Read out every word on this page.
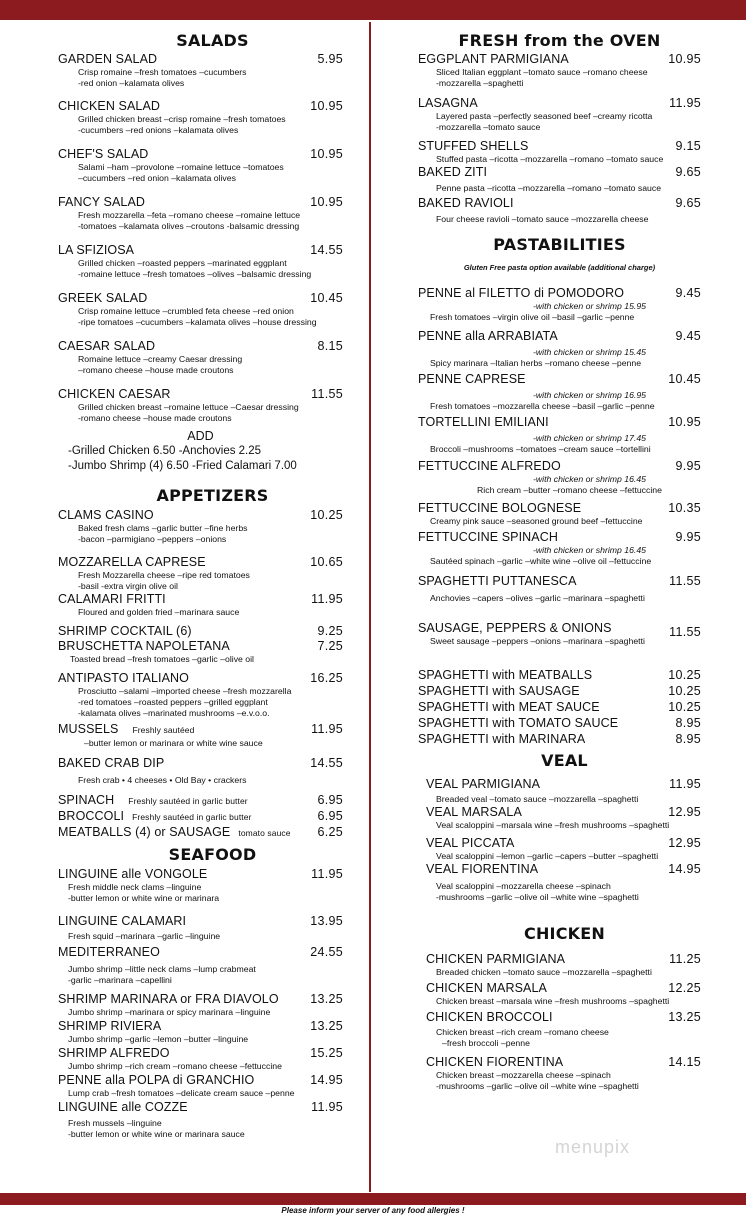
SALADS
GARDEN SALAD	5.95
Crisp romaine –fresh tomatoes –cucumbers
-red onion –kalamata olives
CHICKEN SALAD	10.95
Grilled chicken breast –crisp romaine –fresh tomatoes
-cucumbers –red onions –kalamata olives
CHEF'S SALAD	10.95
Salami –ham –provolone –romaine lettuce –tomatoes
–cucumbers –red onion –kalamata olives
FANCY SALAD	10.95
Fresh mozzarella –feta –romano cheese –romaine lettuce
-tomatoes –kalamata olives –croutons -balsamic dressing
LA SFIZIOSA	14.55
Grilled chicken –roasted peppers –marinated eggplant
-romaine lettuce –fresh tomatoes –olives –balsamic dressing
GREEK SALAD	10.45
Crisp romaine lettuce –crumbled feta cheese –red onion
-ripe tomatoes –cucumbers –kalamata olives –house dressing
CAESAR SALAD	8.15
Romaine lettuce –creamy Caesar dressing
–romano cheese –house made croutons
CHICKEN CAESAR	11.55
Grilled chicken breast –romaine lettuce –Caesar dressing
-romano cheese –house made croutons
ADD
-Grilled Chicken 6.50 -Anchovies 2.25
-Jumbo Shrimp (4) 6.50 -Fried Calamari 7.00
APPETIZERS
CLAMS CASINO	10.25
Baked fresh clams –garlic butter –fine herbs
-bacon –parmigiano –peppers –onions
MOZZARELLA CAPRESE	10.65
Fresh Mozzarella cheese –ripe red tomatoes
-basil -extra virgin olive oil
CALAMARI FRITTI	11.95
Floured and golden fried –marinara sauce
SHRIMP COCKTAIL (6)	9.25
BRUSCHETTA NAPOLETANA	7.25
Toasted bread –fresh tomatoes –garlic –olive oil
ANTIPASTO ITALIANO	16.25
Prosciutto –salami –imported cheese –fresh mozzarella
-red tomatoes –roasted peppers –grilled eggplant
-kalamata olives –marinated mushrooms –e.v.o.o.
MUSSELS Freshly sautéed	11.95
–butter lemon or marinara or white wine sauce
BAKED CRAB DIP	14.55
Fresh crab • 4 cheeses • Old Bay • crackers
SPINACH Freshly sautéed in garlic butter	6.95
BROCCOLI Freshly sautéed in garlic butter	6.95
MEATBALLS (4) or SAUSAGE tomato sauce 6.25
SEAFOOD
LINGUINE alle VONGOLE	11.95
Fresh middle neck clams –linguine
-butter lemon or white wine or marinara
LINGUINE CALAMARI	13.95
Fresh squid –marinara –garlic –linguine
MEDITERRANEO	24.55
Jumbo shrimp –little neck clams –lump crabmeat
-garlic –marinara –capellini
SHRIMP MARINARA or FRA DIAVOLO	13.25
Jumbo shrimp –marinara or spicy marinara –linguine
SHRIMP RIVIERA	13.25
Jumbo shrimp –garlic –lemon –butter –linguine
SHRIMP ALFREDO	15.25
Jumbo shrimp –rich cream –romano cheese –fettuccine
PENNE alla POLPA di GRANCHIO	14.95
Lump crab –fresh tomatoes –delicate cream sauce –penne
LINGUINE alle COZZE	11.95
Fresh mussels –linguine
-butter lemon or white wine or marinara sauce
FRESH from the OVEN
EGGPLANT PARMIGIANA	10.95
Sliced Italian eggplant –tomato sauce –romano cheese
-mozzarella –spaghetti
LASAGNA	11.95
Layered pasta –perfectly seasoned beef –creamy ricotta
-mozzarella –tomato sauce
STUFFED SHELLS	9.15
Stuffed pasta –ricotta –mozzarella –romano –tomato sauce
BAKED ZITI	9.65
Penne pasta –ricotta –mozzarella –romano –tomato sauce
BAKED RAVIOLI	9.65
Four cheese ravioli –tomato sauce –mozzarella cheese
PASTABILITIES
Gluten Free pasta option available (additional charge)
PENNE al FILETTO di POMODORO	9.45
-with chicken or shrimp 15.95
Fresh tomatoes –virgin olive oil –basil –garlic –penne
PENNE alla ARRABIATA	9.45
-with chicken or shrimp 15.45
Spicy marinara –Italian herbs –romano cheese –penne
PENNE CAPRESE	10.45
-with chicken or shrimp 16.95
Fresh tomatoes –mozzarella cheese –basil –garlic –penne
TORTELLINI EMILIANI	10.95
-with chicken or shrimp 17.45
Broccoli –mushrooms –tomatoes –cream sauce –tortellini
FETTUCCINE ALFREDO	9.95
-with chicken or shrimp 16.45
Rich cream –butter –romano cheese –fettuccine
FETTUCCINE BOLOGNESE	10.35
Creamy pink sauce –seasoned ground beef –fettuccine
FETTUCCINE SPINACH	9.95
-with chicken or shrimp 16.45
Sautéed spinach –garlic –white wine –olive oil –fettuccine
SPAGHETTI PUTTANESCA	11.55
Anchovies –capers –olives –garlic –marinara –spaghetti
SAUSAGE, PEPPERS & ONIONS	11.55
Sweet sausage –peppers –onions –marinara –spaghetti
SPAGHETTI with MEATBALLS	10.25
SPAGHETTI with SAUSAGE	10.25
SPAGHETTI with MEAT SAUCE	10.25
SPAGHETTI with TOMATO SAUCE	8.95
SPAGHETTI with MARINARA	8.95
VEAL
VEAL PARMIGIANA	11.95
Breaded veal –tomato sauce –mozzarella –spaghetti
VEAL MARSALA	12.95
Veal scaloppini –marsala wine –fresh mushrooms –spaghetti
VEAL PICCATA	12.95
Veal scaloppini –lemon –garlic –capers –butter –spaghetti
VEAL FIORENTINA	14.95
Veal scaloppini –mozzarella cheese –spinach
-mushrooms –garlic –olive oil –white wine –spaghetti
CHICKEN
CHICKEN PARMIGIANA	11.25
Breaded chicken –tomato sauce –mozzarella –spaghetti
CHICKEN MARSALA	12.25
Chicken breast –marsala wine –fresh mushrooms –spaghetti
CHICKEN BROCCOLI	13.25
Chicken breast –rich cream –romano cheese
–fresh broccoli –penne
CHICKEN FIORENTINA	14.15
Chicken breast –mozzarella cheese –spinach
-mushrooms –garlic –olive oil –white wine –spaghetti
menupix
Please inform your server of any food allergies !
